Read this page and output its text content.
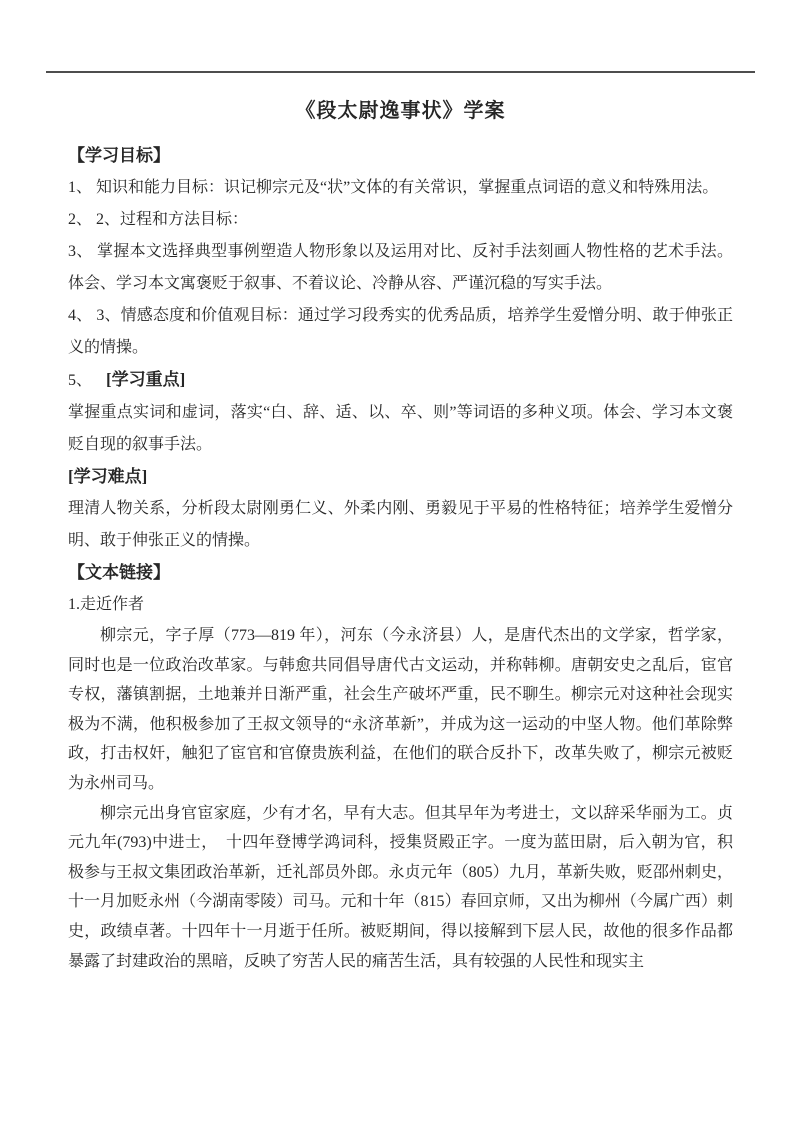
《段太尉逸事状》学案
【学习目标】

1、 知识和能力目标：识记柳宗元及“状”文体的有关常识，掌握重点词语的意义和特殊用法。

2、 2、过程和方法目标：

3、 掌握本文选择典型事例塑造人物形象以及运用对比、反衬手法刻画人物性格的艺术手法。体会、学习本文寓褒贬于叙事、不着议论、冷静从容、严谨沉稳的写实手法。

4、 3、情感态度和价值观目标：通过学习段秀实的优秀品质，培养学生爱憎分明、敢于伸张正义的情操。

5、 [学习重点]

掌握重点实词和虚词，落实“白、辞、适、以、卒、则”等词语的多种义项。体会、学习本文褒贬自现的叙事手法。

[学习难点]

理清人物关系，分析段太尉刚勇仁义、外柔内刚、勇毅见于平易的性格特征；培养学生爱憎分明、敢于伸张正义的情操。

【文本链接】

1.走近作者

柳宗元，字子厚（773—819 年），河东（今永济县）人，是唐代杰出的文学家，哲学家，同时也是一位政治改革家。与韩愈共同倡导唐代古文运动，并称韩柳。唐朝安史之乱后，宦官专权，藩镇割据，土地兼并日渐严重，社会生产破坏严重，民不聊生。柳宗元对这种社会现实极为不满，他积极参加了王叔文领导的“永济革新”，并成为这一运动的中坚人物。他们革除弊政，打击权奸，触犯了宦官和官僚贵族利益，在他们的联合反扑下，改革失败了，柳宗元被贬为永州司马。

柳宗元出身官宦家庭，少有才名，早有大志。但其早年为考进士，文以辞采华丽为工。贞元九年(793)中进士，　十四年登博学鸿词科，授集贤殿正字。一度为蓝田尉，后入朝为官，积极参与王叔文集团政治革新，迁礼部员外郎。永贞元年（805）九月，革新失败，贬邵州刺史，十一月加贬永州（今湖南零陵）司马。元和十年（815）春回京师，又出为柳州（今属广西）刺史，政绩卓著。十四年十一月逝于任所。被贬期间，得以接解到下层人民，故他的很多作品都暴露了封建政治的黑暗，反映了穷苦人民的痛苦生活，具有较强的人民性和现实主
